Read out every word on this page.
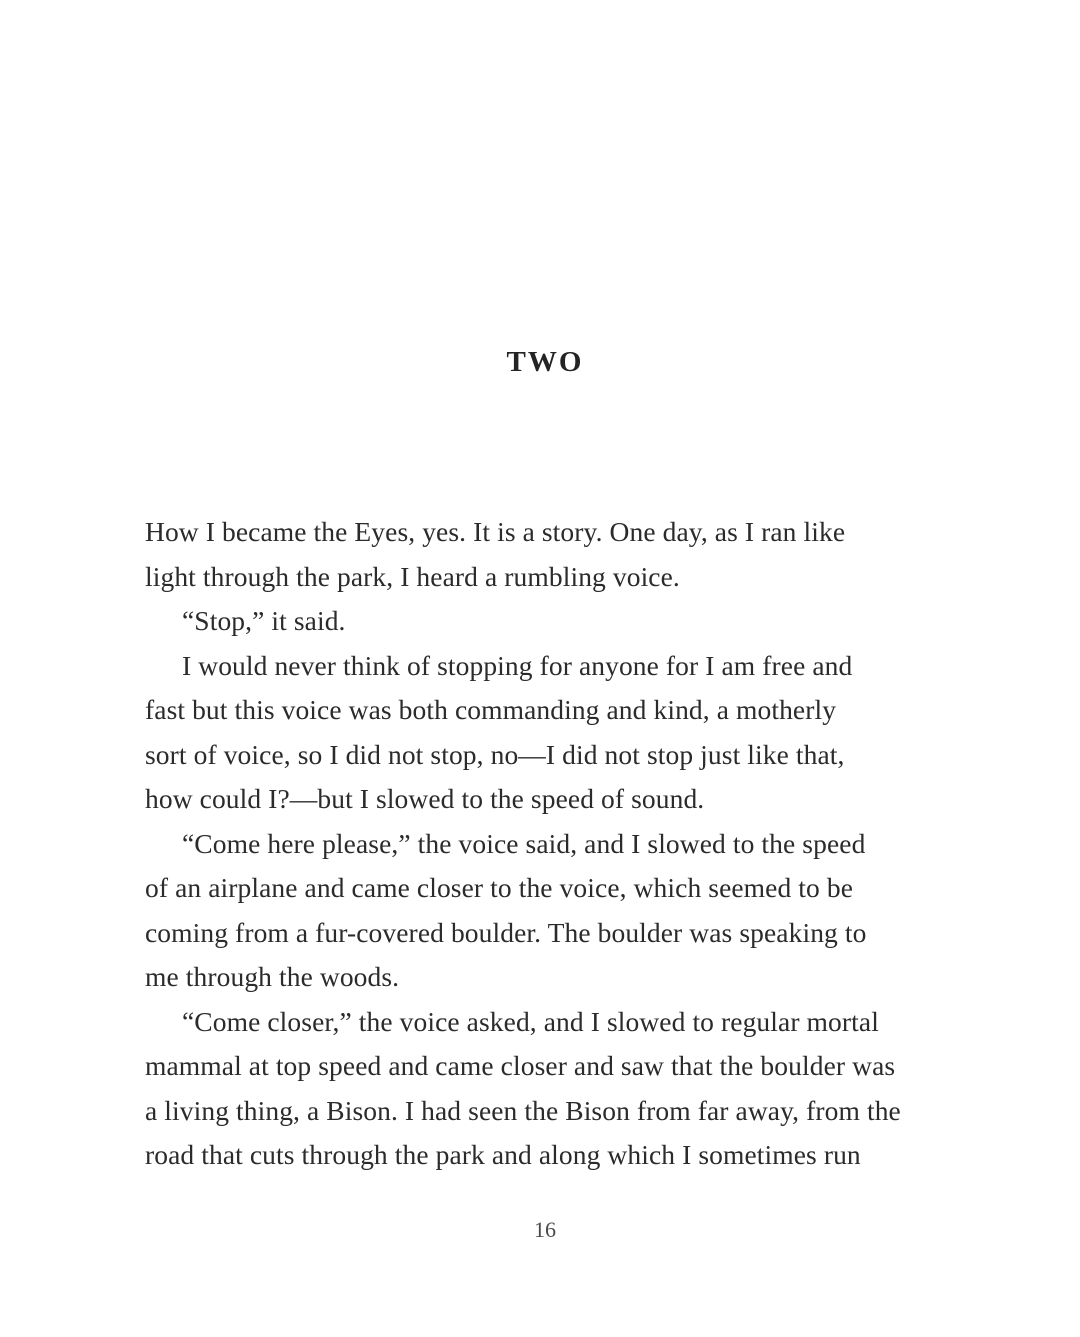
TWO
How I became the Eyes, yes. It is a story. One day, as I ran like
light through the park, I heard a rumbling voice.
“Stop,” it said.
I would never think of stopping for anyone for I am free and
fast but this voice was both commanding and kind, a motherly
sort of voice, so I did not stop, no—I did not stop just like that,
how could I?—but I slowed to the speed of sound.
“Come here please,” the voice said, and I slowed to the speed
of an airplane and came closer to the voice, which seemed to be
coming from a fur-covered boulder. The boulder was speaking to
me through the woods.
“Come closer,” the voice asked, and I slowed to regular mortal
mammal at top speed and came closer and saw that the boulder was
a living thing, a Bison. I had seen the Bison from far away, from the
road that cuts through the park and along which I sometimes run
16
